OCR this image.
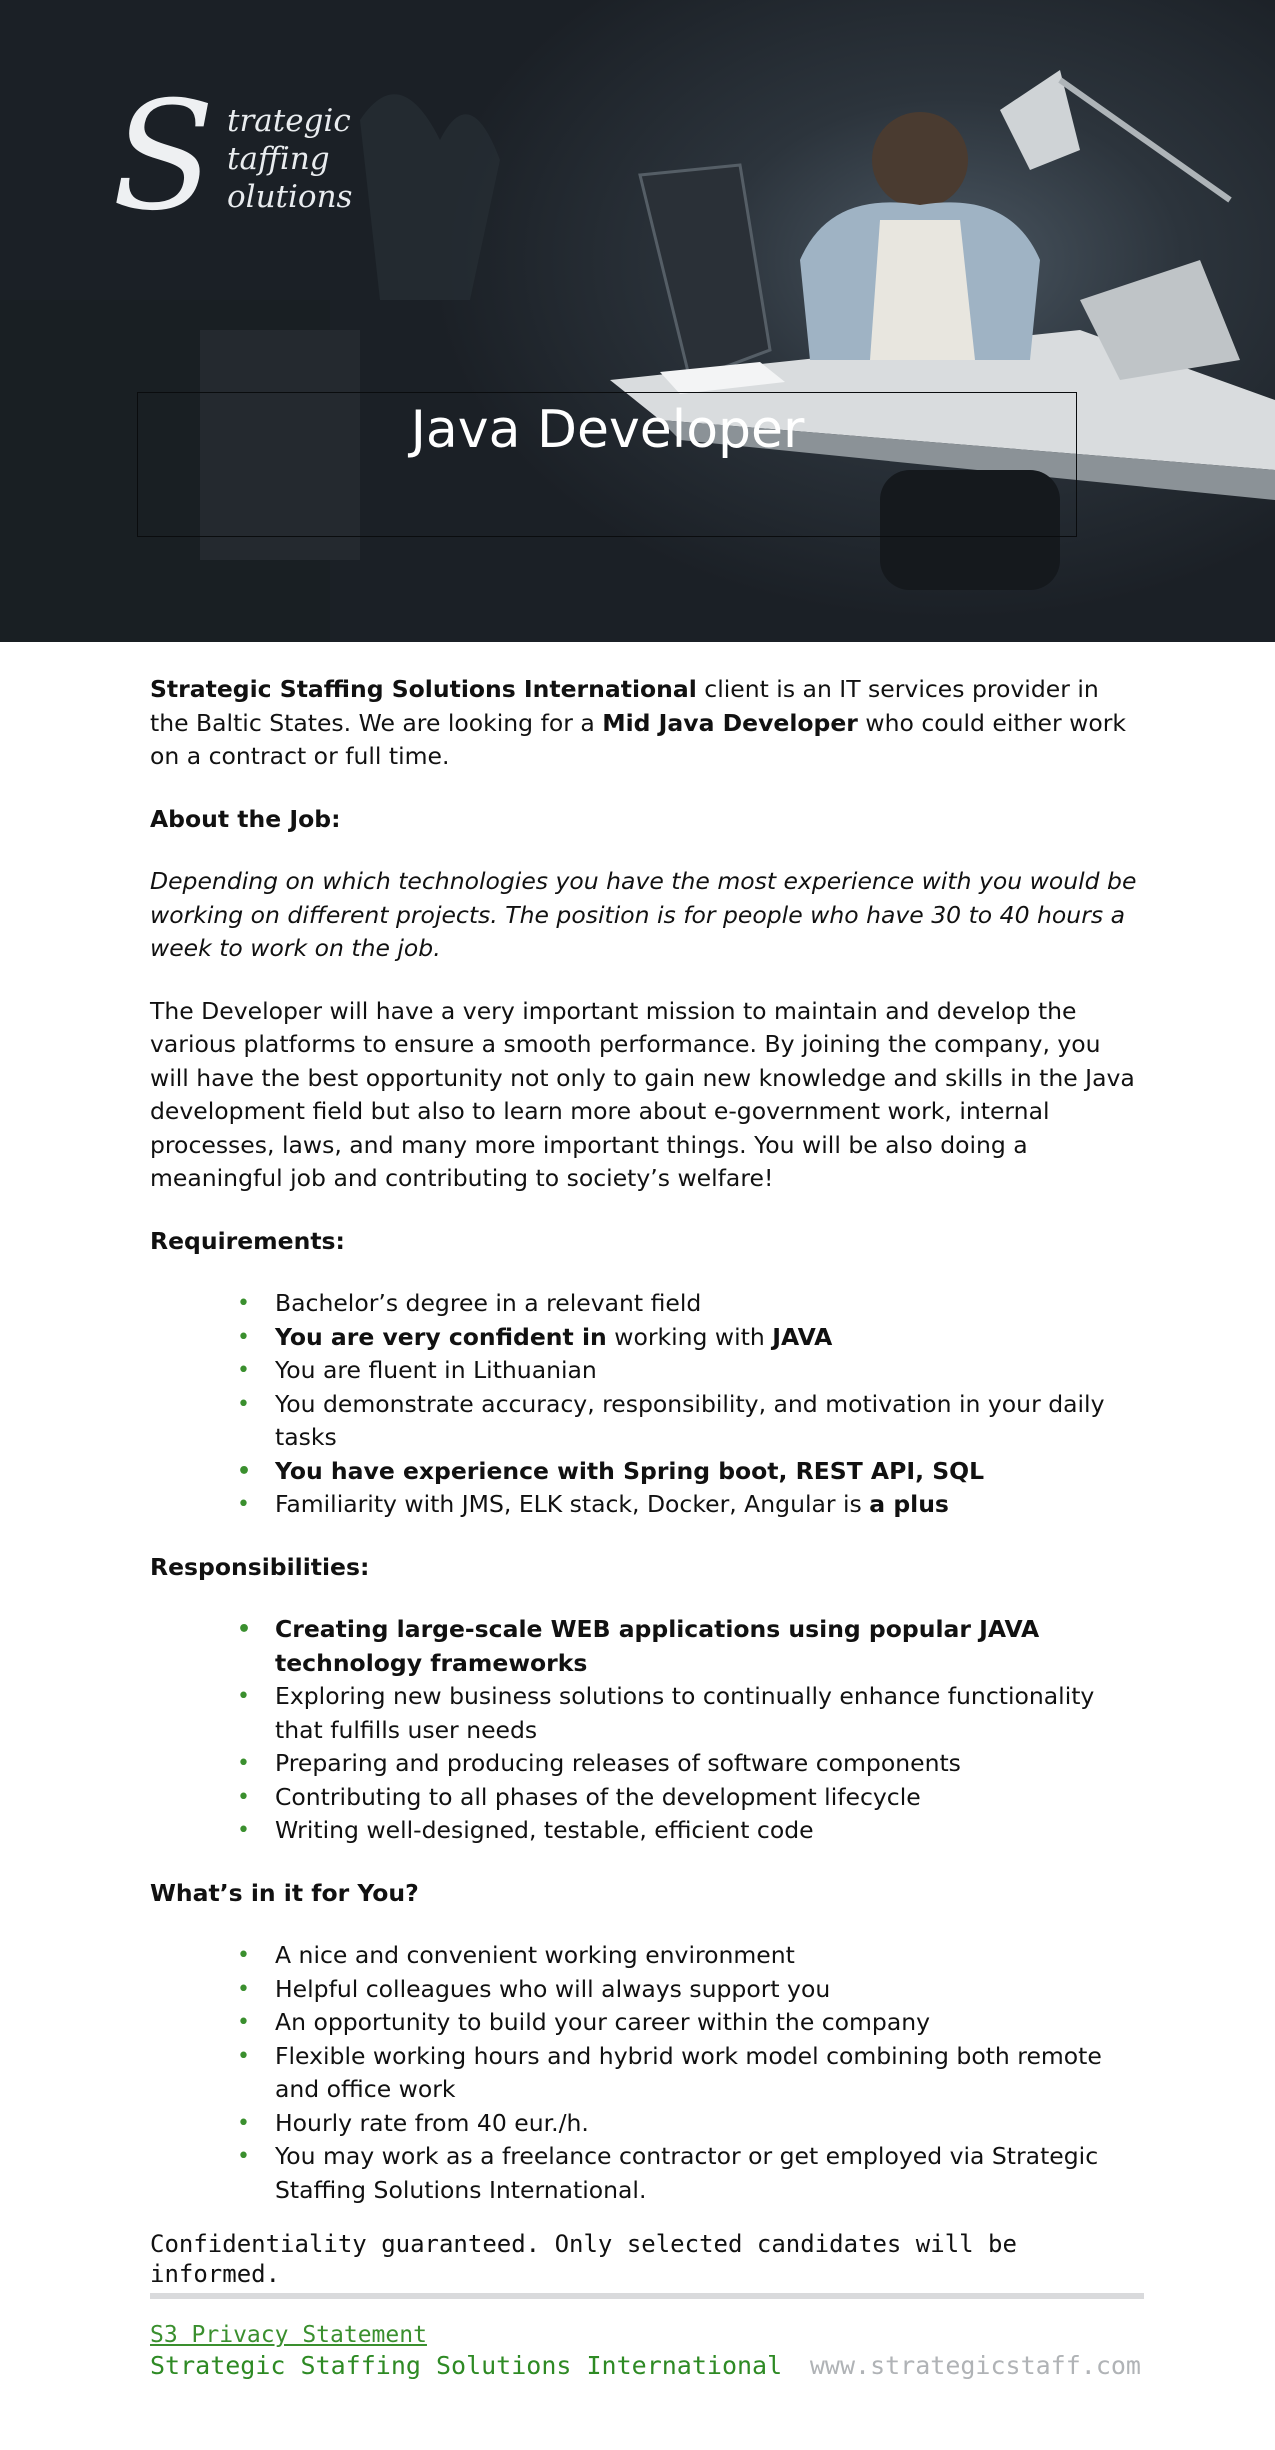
S trategic
taffing
olutions
Java Developer

Strategic Staffing Solutions International client is an IT services provider in the Baltic States. We are looking for a Mid Java Developer who could either work on a contract or full time.

About the Job:

Depending on which technologies you have the most experience with you would be working on different projects. The position is for people who have 30 to 40 hours a week to work on the job.

The Developer will have a very important mission to maintain and develop the various platforms to ensure a smooth performance. By joining the company, you will have the best opportunity not only to gain new knowledge and skills in the Java development field but also to learn more about e-government work, internal processes, laws, and many more important things. You will be also doing a meaningful job and contributing to society’s welfare!

Requirements:
• Bachelor’s degree in a relevant field
• You are very confident in working with JAVA
• You are fluent in Lithuanian
• You demonstrate accuracy, responsibility, and motivation in your daily tasks
• You have experience with Spring boot, REST API, SQL
• Familiarity with JMS, ELK stack, Docker, Angular is a plus
Responsibilities:
• Creating large-scale WEB applications using popular JAVA technology frameworks
• Exploring new business solutions to continually enhance functionality that fulfills user needs
• Preparing and producing releases of software components
• Contributing to all phases of the development lifecycle
• Writing well-designed, testable, efficient code
What’s in it for You?
• A nice and convenient working environment
• Helpful colleagues who will always support you
• An opportunity to build your career within the company
• Flexible working hours and hybrid work model combining both remote and office work
• Hourly rate from 40 eur./h.
• You may work as a freelance contractor or get employed via Strategic Staffing Solutions International.

Confidentiality guaranteed. Only selected candidates will be informed.

S3 Privacy Statement
Strategic Staffing Solutions International www.strategicstaff.com
